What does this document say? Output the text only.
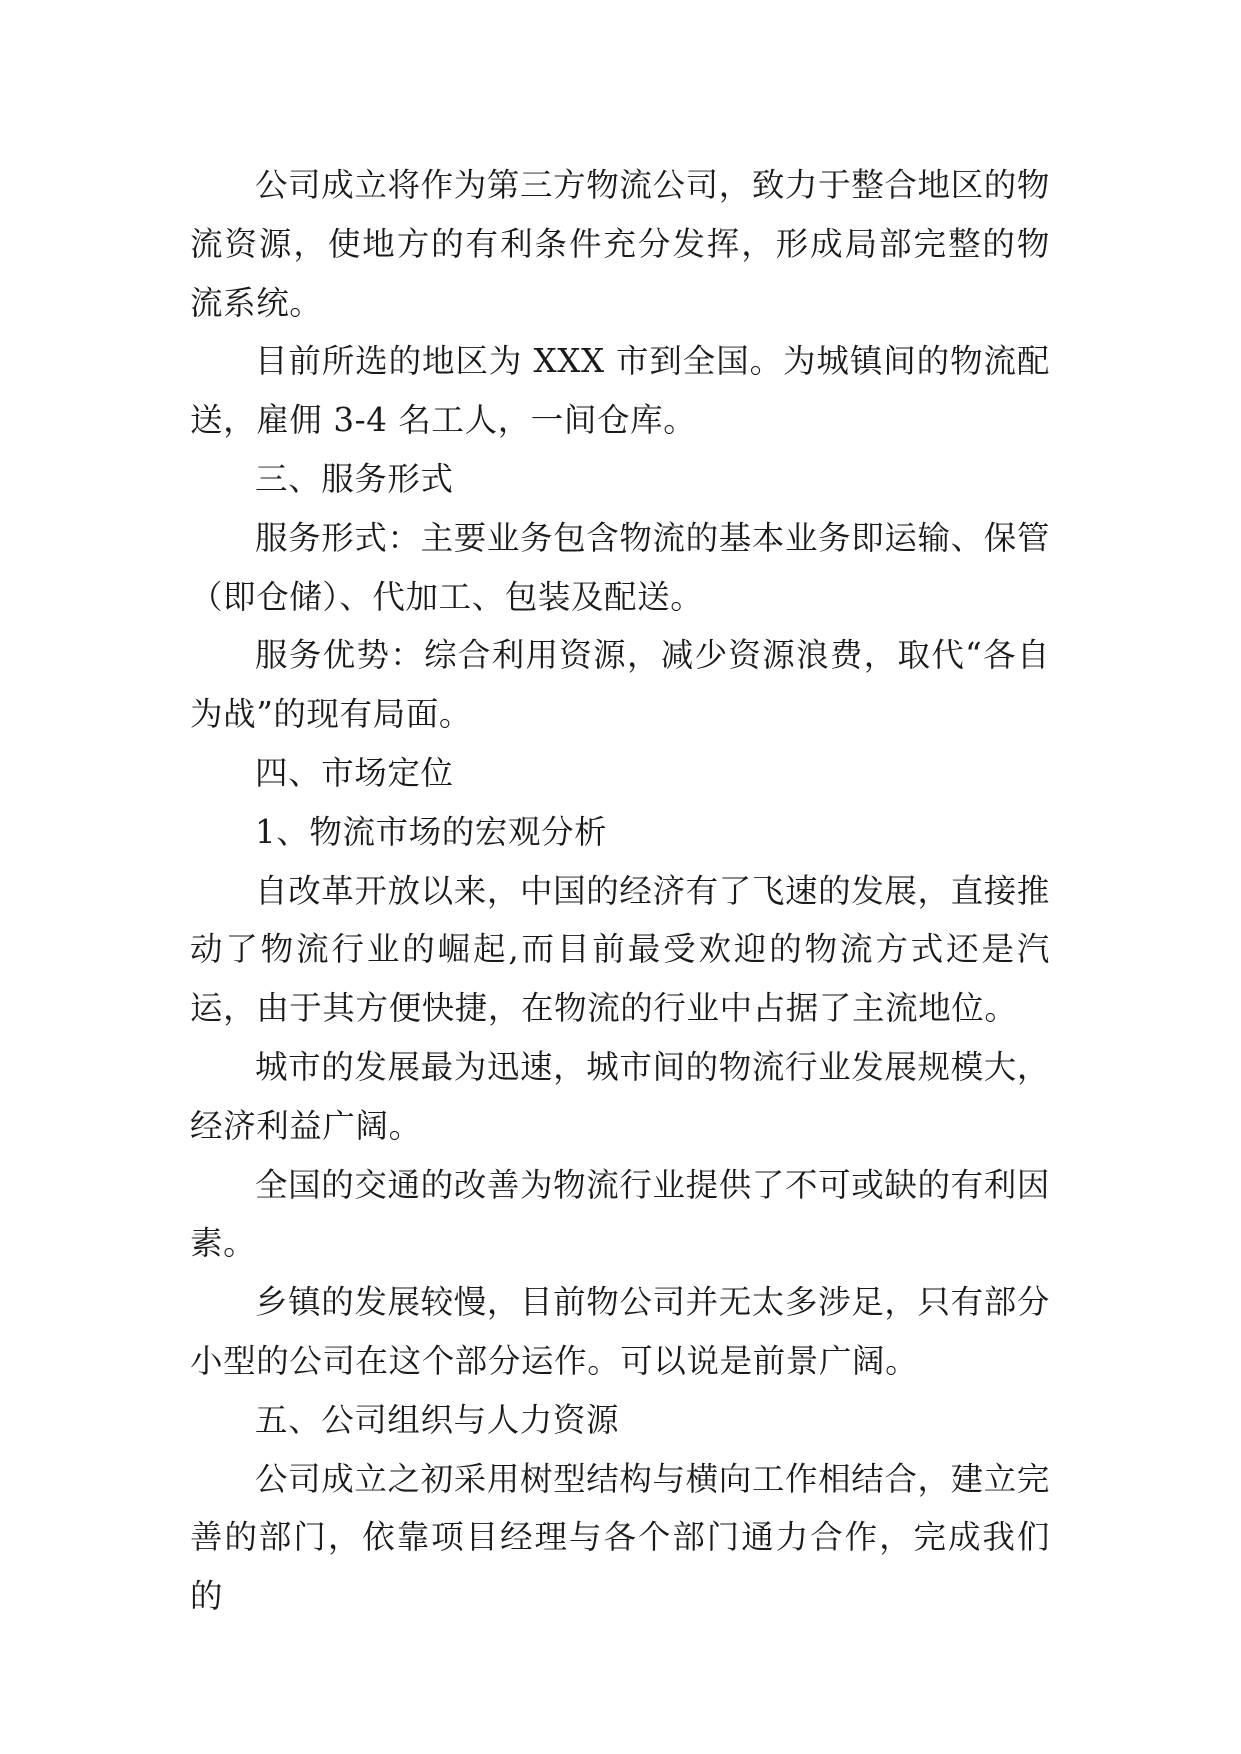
公司成立将作为第三方物流公司，致力于整合地区的物流资源，使地方的有利条件充分发挥，形成局部完整的物流系统。

目前所选的地区为 XXX 市到全国。为城镇间的物流配送，雇佣 3-4 名工人，一间仓库。

三、服务形式

服务形式：主要业务包含物流的基本业务即运输、保管（即仓储）、代加工、包装及配送。

服务优势：综合利用资源，减少资源浪费，取代“各自为战”的现有局面。

四、市场定位

1、物流市场的宏观分析

自改革开放以来，中国的经济有了飞速的发展，直接推动了物流行业的崛起,而目前最受欢迎的物流方式还是汽运，由于其方便快捷，在物流的行业中占据了主流地位。

城市的发展最为迅速，城市间的物流行业发展规模大，经济利益广阔。

全国的交通的改善为物流行业提供了不可或缺的有利因素。

乡镇的发展较慢，目前物公司并无太多涉足，只有部分小型的公司在这个部分运作。可以说是前景广阔。

五、公司组织与人力资源

公司成立之初采用树型结构与横向工作相结合，建立完善的部门，依靠项目经理与各个部门通力合作，完成我们的
